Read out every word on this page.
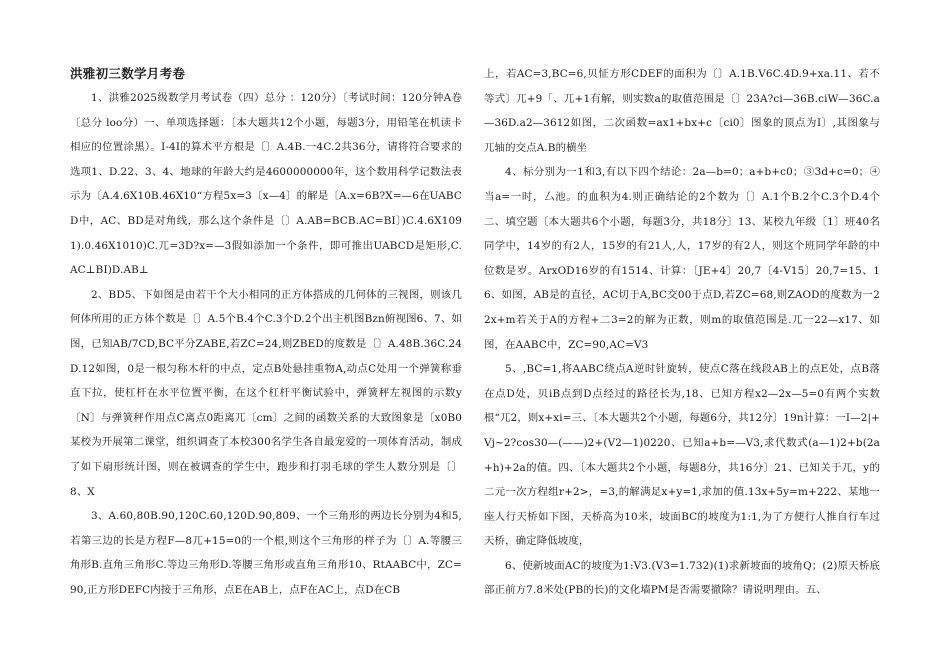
洪雅初三数学月考卷

1、洪雅2025级数学月考试卷（四）总分 ：120分）〔考试时间：120分钟A卷〔总分 loo分）一、单项选择题：〔本大题共12个小题，每题3分，用铅笔在机读卡相应的位置涂黑）。I-4I的算术平方根是〔〕A.4B.一4C.2共36分，请将符合要求的选项1、D.22、3、4、地球的年龄大约是4600000000年，这个数用科学记数法表示为〔A.4.6X10B.46X10“方程5x=3〔x—4〕的解是〔A.x=6B?X=—6在UABCD中，AC、BD是对角线，那么这个条件是〔〕A.AB=BCB.AC=BI〕)C.4.6X1091).0.46X1010)C.兀=3D?x=—3假如添加一个条件，即可推出UABCD是矩形,C.AC⊥BI)D.AB⊥

2、BD5、下如图是由若干个大小相同的正方体搭成的几何体的三视图，则该几何体所用的正方体个数是〔〕A.5个B.4个C.3个D.2个出主机图Bzn俯视图6、7、如图，已知AB/7CD,BC平分ZABE,若ZC=24,则ZBED的度数是〔〕A.48B.36C.24D.12如图，0是一根匀称木杆的中点，定点B处悬挂重物A,动点C处用一个弹簧称垂直下拉，使杠杆在水平位置平衡，在这个杠杆平衡试验中，弹簧秤左视图的示数y〔N〕与弹簧秤作用点C离点0距离兀〔cm〕之间的函数关系的大致图象是〔x0B0某校为开展第二课堂，组织调查了本校300名学生各自最宠爱的一项体育活动，制成了如下扇形统计图，则在被调查的学生中，跑步和打羽毛球的学生人数分别是〔〕8、X

3、A.60,80B.90,120C.60,120D.90,809、一个三角形的两边长分别为4和5,若第三边的长是方程F—8兀+15=0的一个根,则这个三角形的样子为〔〕A.等腰三角形B.直角三角形C.等边三角形D.等腰三角形或直角三角形10、RtAABC中，ZC=90,正方形DEFC内接于三角形，点E在AB上，点F在AC上，点D在CB

上，若AC=3,BC=6,贝怔方形CDEF的面积为〔〕A.1B.V6C.4D.9+xa.11、若不等式〕兀+9「、兀+1有解，则实数a的取值范围是〔〕23A?ci—36B.ciW—36C.a—36D.a2—3612如图，二次函数=ax1+bx+c〔ci0〕图象的顶点为I〕,其图象与兀轴的交点A.B的横坐

4、标分别为一1和3,有以下四个结论：2a—b=0；a+b+c0；③3d+c=0；④当a=一时，厶池。的血积为4.则正确结论的2个数为〔〕A.1个B.2个C.3个D.4个二、填空题〔本大题共6个小题，每题3分，共18分〕13、某校九年级〔1〕班40名同学中，14岁的有2人，15岁的有21人,人，17岁的有2人，则这个班同学年龄的中位数是岁。ArxOD16岁的有1514、计算：〔JE+4〕20,7〔4-V15〕20,7=15、16、如图，AB是的直径，AC切于A,BC交00于点D,若ZC=68,则ZAOD的度数为一22x+m若关于A的方程+二3=2的解为正数，则m的取值范围是.兀一22—x17、如图，在AABC中，ZC=90,AC=V3

5、,BC=1,将AABC绕点A逆时针旋转，使点C落在线段AB上的点E处，点B落在点D处，贝iB点到D点经过的路径长为,18、已知方程x2—2x—5=0有两个实数根“兀2，则x+xi=三、〔本大题共2个小题，每题6分，共12分〕19n计算：一I—2|+Vj~2?cos30—(——)2+(V2—1)0220、已知a+b=—V3,求代数式(a—1)2+b(2a+h)+2a的值。四、〔本大题共2个小题，每题8分，共16分〕21、已知关于兀，y的二元一次方程组r+2>，=3,的解满足x+y=1,求加的值.13x+5y=m+222、某地一座人行天桥如下图，天桥高为10米，坡面BC的坡度为1:1,为了方便行人推自行车过天桥，确定降低坡度，

6、使新坡面AC的坡度为1:V3.(V3=1.732)(1)求新坡面的坡角Q；(2)原天桥底部正前方7.8米处(PB的长)的文化墙PM是否需要撤除？请说明理由。五、
